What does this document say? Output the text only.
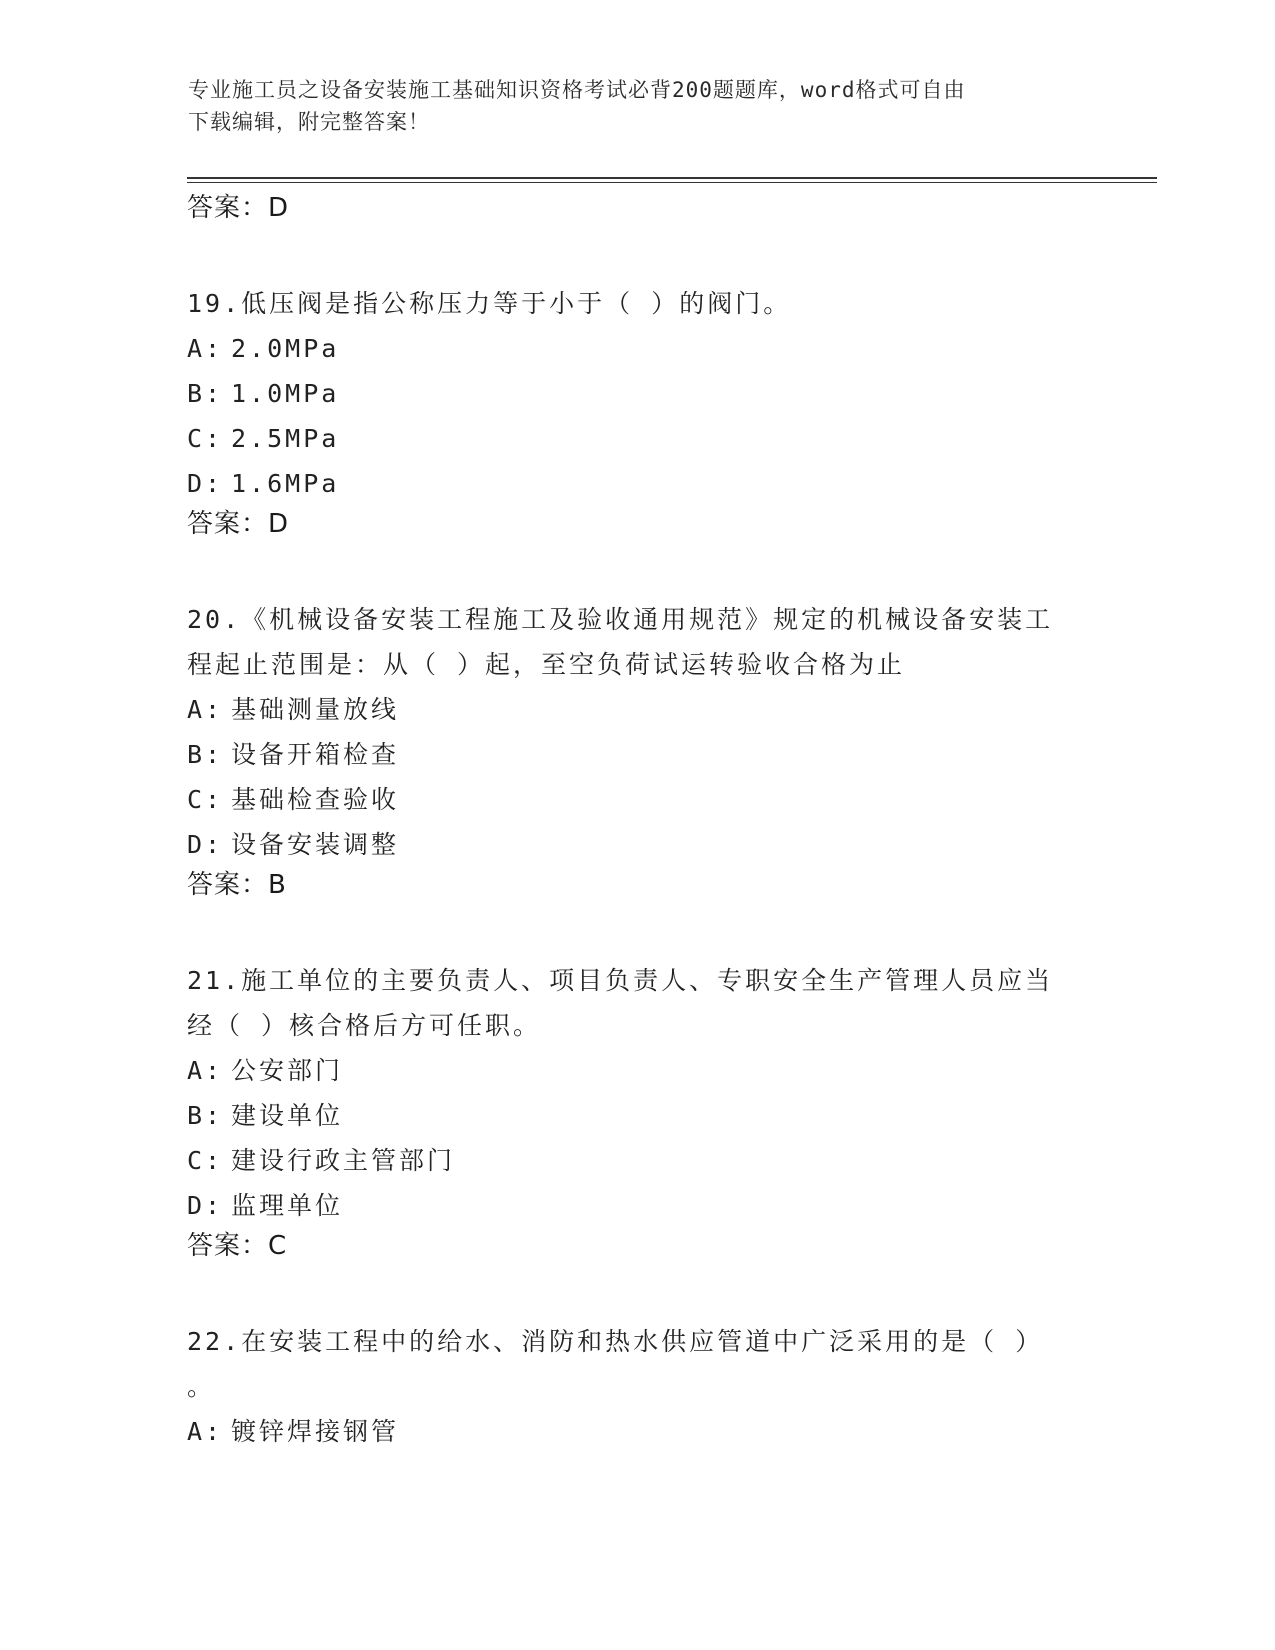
专业施工员之设备安装施工基础知识资格考试必背200题题库，word格式可自由
下载编辑，附完整答案！
答案：D
19.低压阀是指公称压力等于小于（ ）的阀门。
A: 2.0MPa
B: 1.0MPa
C: 2.5MPa
D: 1.6MPa
答案：D
20.《机械设备安装工程施工及验收通用规范》规定的机械设备安装工
程起止范围是：从（ ）起，至空负荷试运转验收合格为止
A: 基础测量放线
B: 设备开箱检查
C: 基础检查验收
D: 设备安装调整
答案：B
21.施工单位的主要负责人、项目负责人、专职安全生产管理人员应当
经（ ）核合格后方可任职。
A: 公安部门
B: 建设单位
C: 建设行政主管部门
D: 监理单位
答案：C
22.在安装工程中的给水、消防和热水供应管道中广泛采用的是（ ）
。
A: 镀锌焊接钢管
